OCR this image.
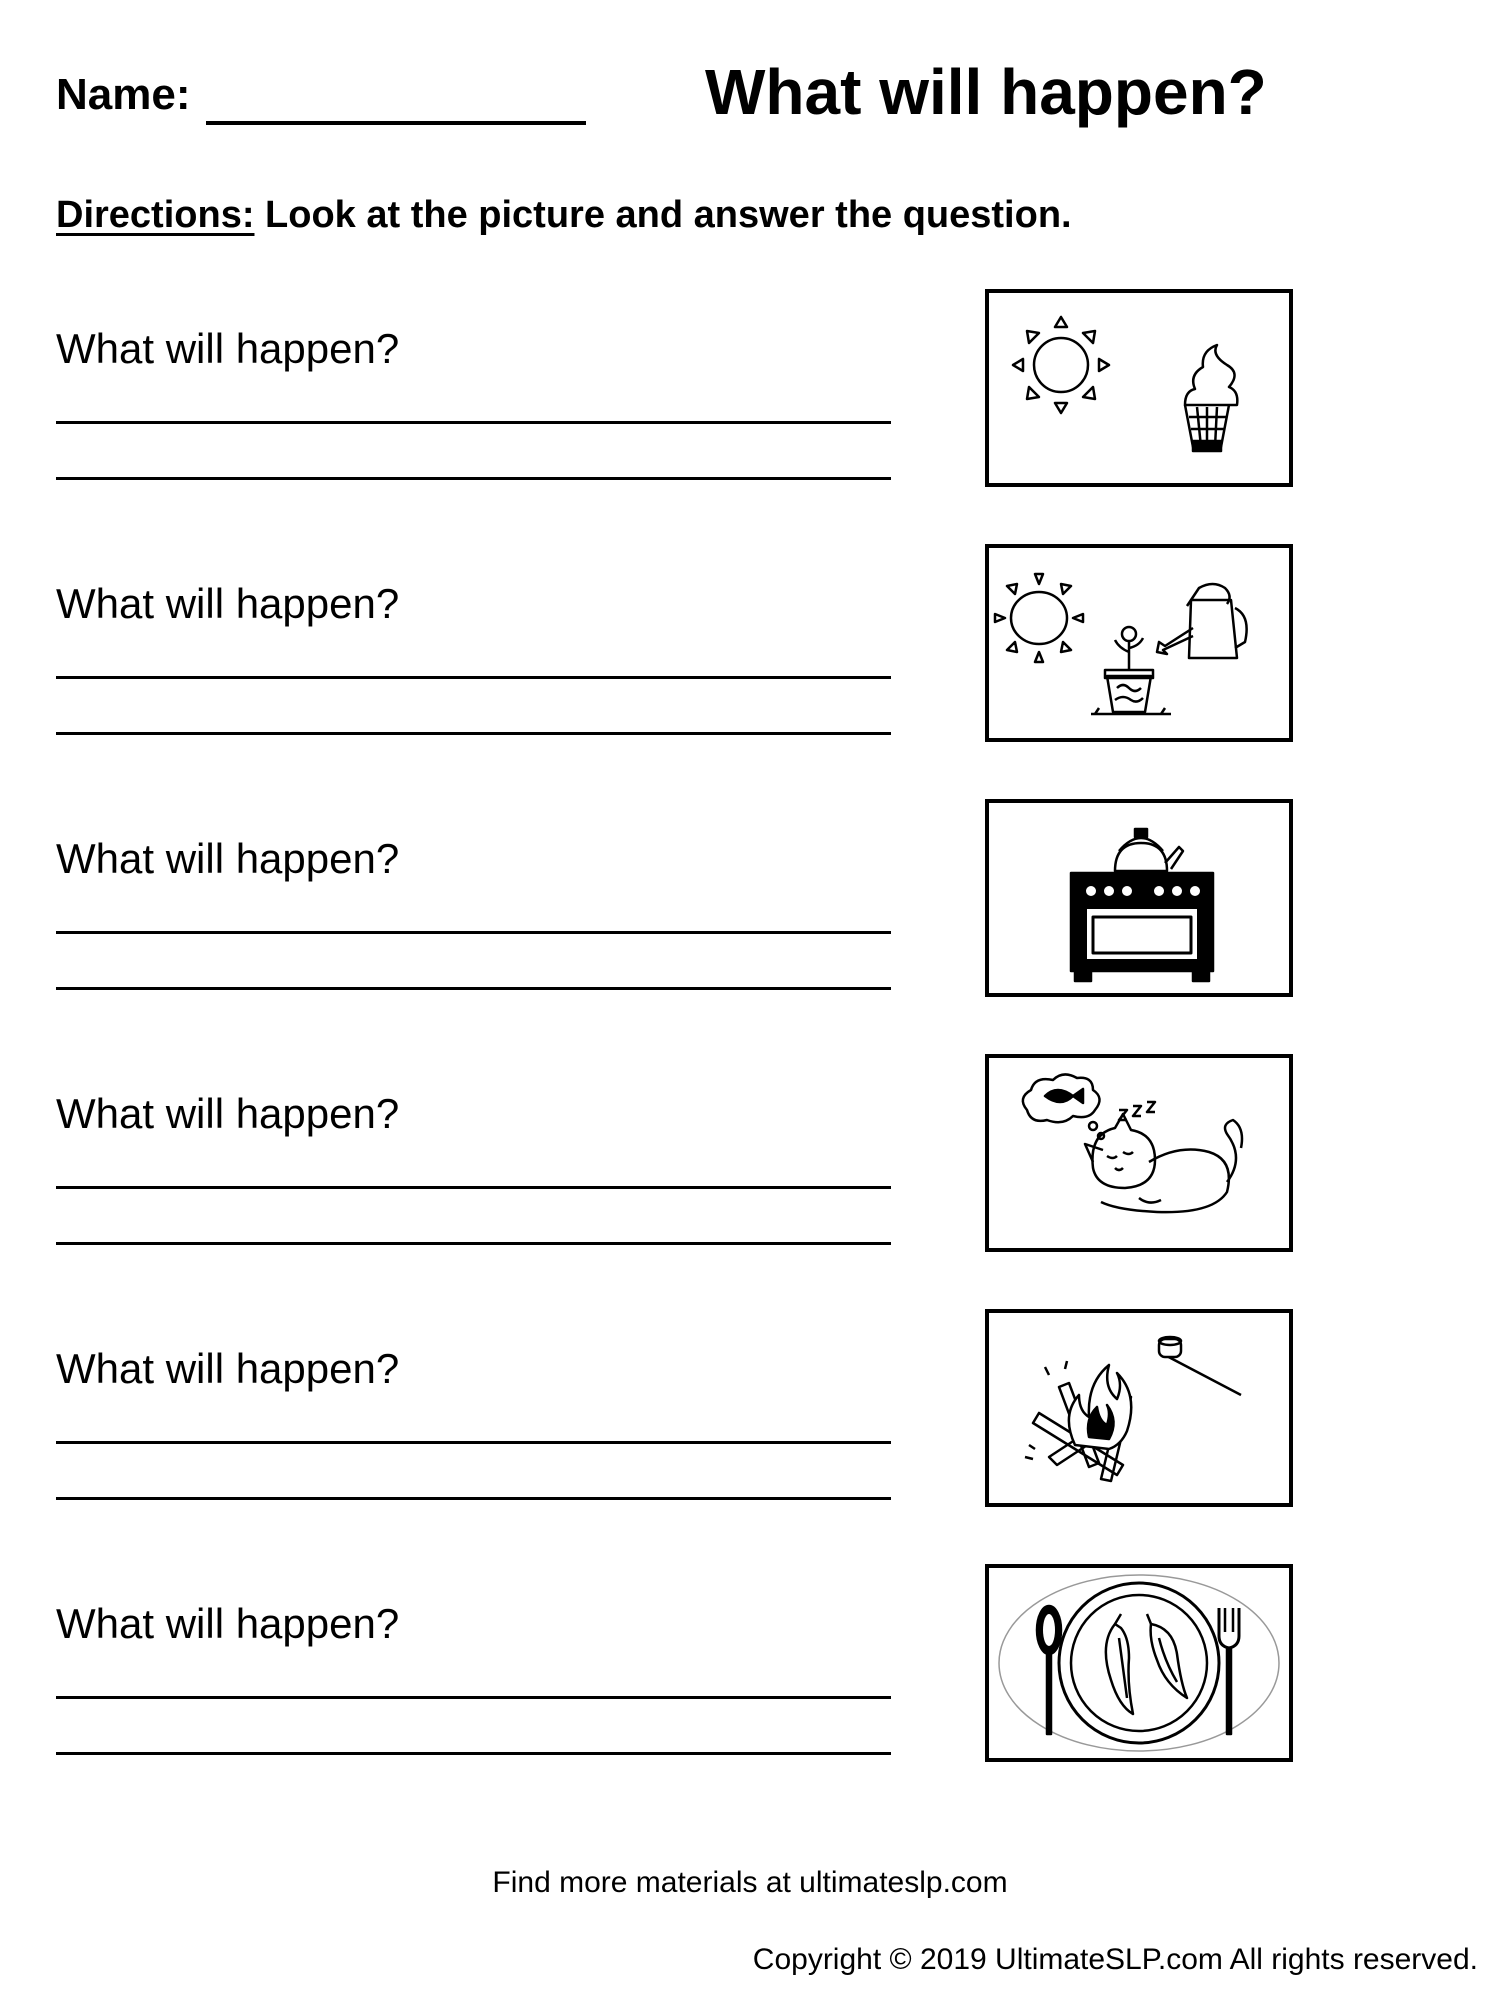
Name:	What will happen?
Directions: Look at the picture and answer the question.
What will happen?
What will happen?
What will happen?
What will happen?
What will happen?
What will happen?
Find more materials at ultimateslp.com
Copyright © 2019 UltimateSLP.com All rights reserved.
